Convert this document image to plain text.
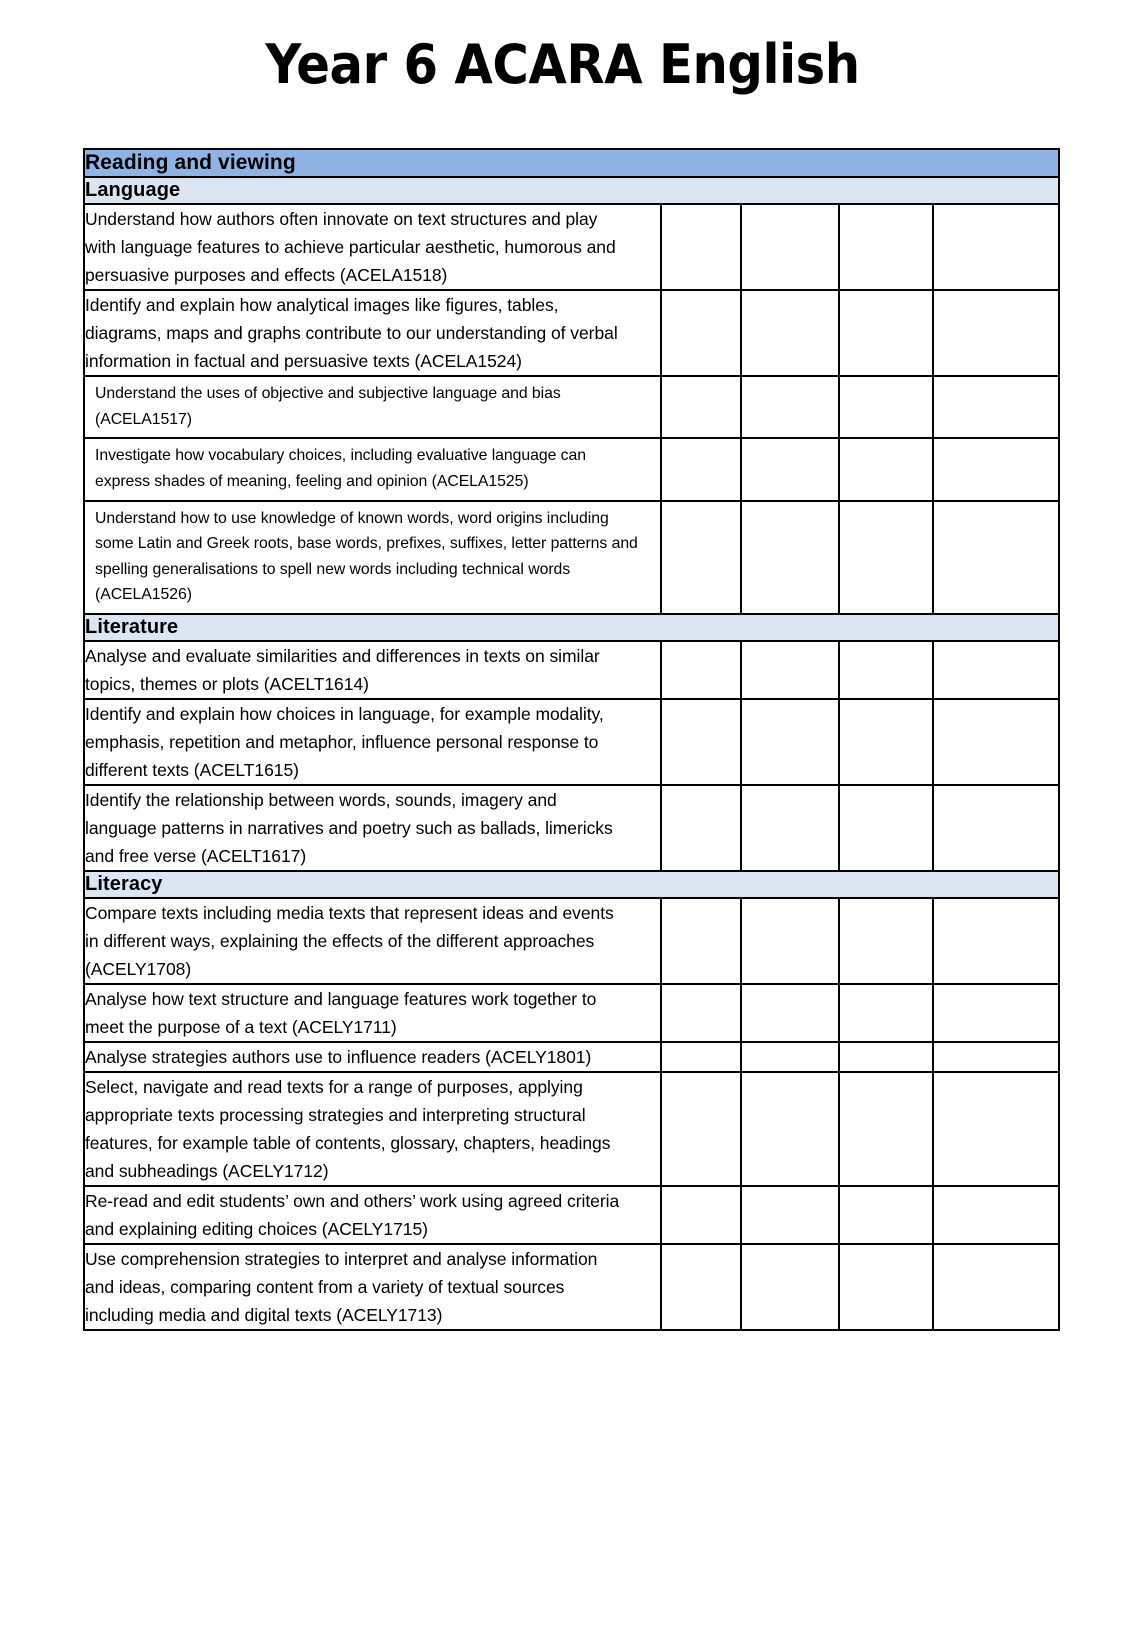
Year 6 ACARA English
Reading and viewing				
Language				

Understand how authors often innovate on text structures and play with language features to achieve particular aesthetic, humorous and persuasive purposes and effects (ACELA1518)				

Identify and explain how analytical images like figures, tables, diagrams, maps and graphs contribute to our understanding of verbal information in factual and persuasive texts (ACELA1524)				

Understand the uses of objective and subjective language and bias (ACELA1517)				

Investigate how vocabulary choices, including evaluative language can express shades of meaning, feeling and opinion (ACELA1525)				

Understand how to use knowledge of known words, word origins including some Latin and Greek roots, base words, prefixes, suffixes, letter patterns and spelling generalisations to spell new words including technical words (ACELA1526)				

Literature				

Analyse and evaluate similarities and differences in texts on similar topics, themes or plots (ACELT1614)				

Identify and explain how choices in language, for example modality, emphasis, repetition and metaphor, influence personal response to different texts (ACELT1615)				

Identify the relationship between words, sounds, imagery and language patterns in narratives and poetry such as ballads, limericks and free verse (ACELT1617)				

Literacy				

Compare texts including media texts that represent ideas and events in different ways, explaining the effects of the different approaches (ACELY1708)				

Analyse how text structure and language features work together to meet the purpose of a text (ACELY1711)				

Analyse strategies authors use to influence readers (ACELY1801)				

Select, navigate and read texts for a range of purposes, applying appropriate texts processing strategies and interpreting structural features, for example table of contents, glossary, chapters, headings and subheadings (ACELY1712)				

Re-read and edit students’ own and others’ work using agreed criteria and explaining editing choices (ACELY1715)				

Use comprehension strategies to interpret and analyse information and ideas, comparing content from a variety of textual sources including media and digital texts (ACELY1713)				
